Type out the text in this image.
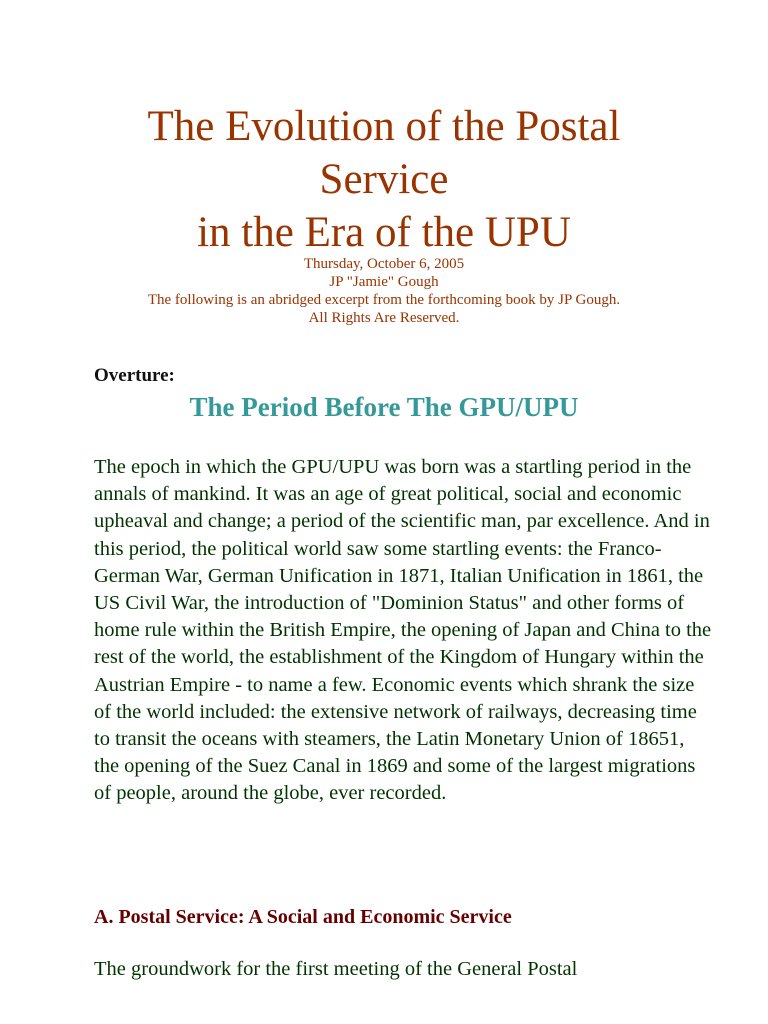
The Evolution of the Postal
Service
in the Era of the UPU
Thursday, October 6, 2005
JP "Jamie" Gough
The following is an abridged excerpt from the forthcoming book by JP Gough.
All Rights Are Reserved.
Overture:
The Period Before The GPU/UPU

The epoch in which the GPU/UPU was born was a startling period in the annals of mankind. It was an age of great political, social and economic upheaval and change; a period of the scientific man, par excellence. And in this period, the political world saw some startling events: the Franco-German War, German Unification in 1871, Italian Unification in 1861, the US Civil War, the introduction of "Dominion Status" and other forms of home rule within the British Empire, the opening of Japan and China to the rest of the world, the establishment of the Kingdom of Hungary within the Austrian Empire - to name a few. Economic events which shrank the size of the world included: the extensive network of railways, decreasing time to transit the oceans with steamers, the Latin Monetary Union of 18651, the opening of the Suez Canal in 1869 and some of the largest migrations of people, around the globe, ever recorded.

A. Postal Service: A Social and Economic Service

The groundwork for the first meeting of the General Postal
